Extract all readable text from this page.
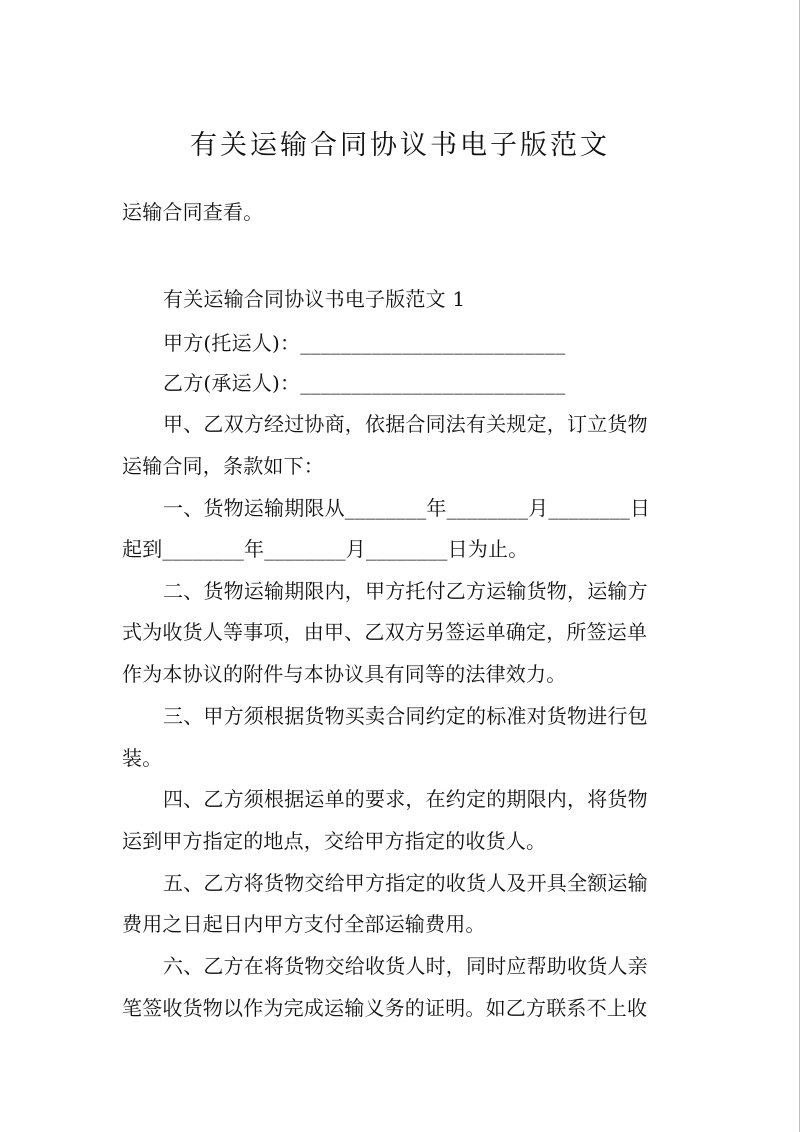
有关运输合同协议书电子版范文
运输合同查看。
有关运输合同协议书电子版范文 1
甲方(托运人)：__________________________
乙方(承运人)：__________________________
甲、乙双方经过协商，依据合同法有关规定，订立货物
运输合同，条款如下：
一、货物运输期限从________年________月________日
起到________年________月________日为止。
二、货物运输期限内，甲方托付乙方运输货物，运输方
式为收货人等事项，由甲、乙双方另签运单确定，所签运单
作为本协议的附件与本协议具有同等的法律效力。
三、甲方须根据货物买卖合同约定的标准对货物进行包
装。
四、乙方须根据运单的要求，在约定的期限内，将货物
运到甲方指定的地点，交给甲方指定的收货人。
五、乙方将货物交给甲方指定的收货人及开具全额运输
费用之日起日内甲方支付全部运输费用。
六、乙方在将货物交给收货人时，同时应帮助收货人亲
笔签收货物以作为完成运输义务的证明。如乙方联系不上收
